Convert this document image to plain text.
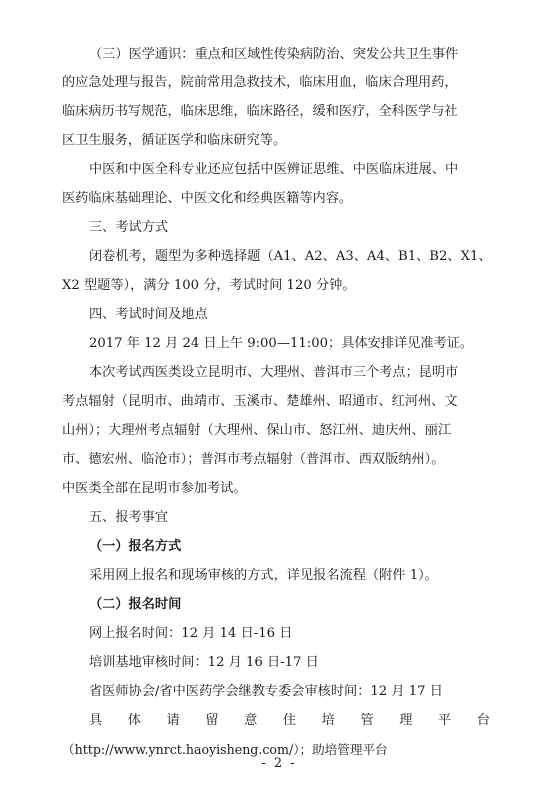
（三）医学通识：重点和区域性传染病防治、突发公共卫生事件
的应急处理与报告，院前常用急救技术，临床用血，临床合理用药，
临床病历书写规范，临床思维，临床路径，缓和医疗，全科医学与社
区卫生服务，循证医学和临床研究等。
中医和中医全科专业还应包括中医辨证思维、中医临床进展、中
医药临床基础理论、中医文化和经典医籍等内容。
三、考试方式
闭卷机考，题型为多种选择题（A1、A2、A3、A4、B1、B2、X1、
X2 型题等），满分 100 分，考试时间 120 分钟。
四、考试时间及地点
2017 年 12 月 24 日上午 9:00—11:00；具体安排详见准考证。
本次考试西医类设立昆明市、大理州、普洱市三个考点；昆明市
考点辐射（昆明市、曲靖市、玉溪市、楚雄州、昭通市、红河州、文
山州）；大理州考点辐射（大理州、保山市、怒江州、迪庆州、丽江
市、德宏州、临沧市）；普洱市考点辐射（普洱市、西双版纳州）。
中医类全部在昆明市参加考试。
五、报考事宜
（一）报名方式
采用网上报名和现场审核的方式，详见报名流程（附件 1）。
（二）报名时间
网上报名时间：12 月 14 日-16 日
培训基地审核时间：12 月 16 日-17 日
省医师协会/省中医药学会继教专委会审核时间：12 月 17 日
具体请留意住培管理平台
（http://www.ynrct.haoyisheng.com/）；助培管理平台
- 2 -
